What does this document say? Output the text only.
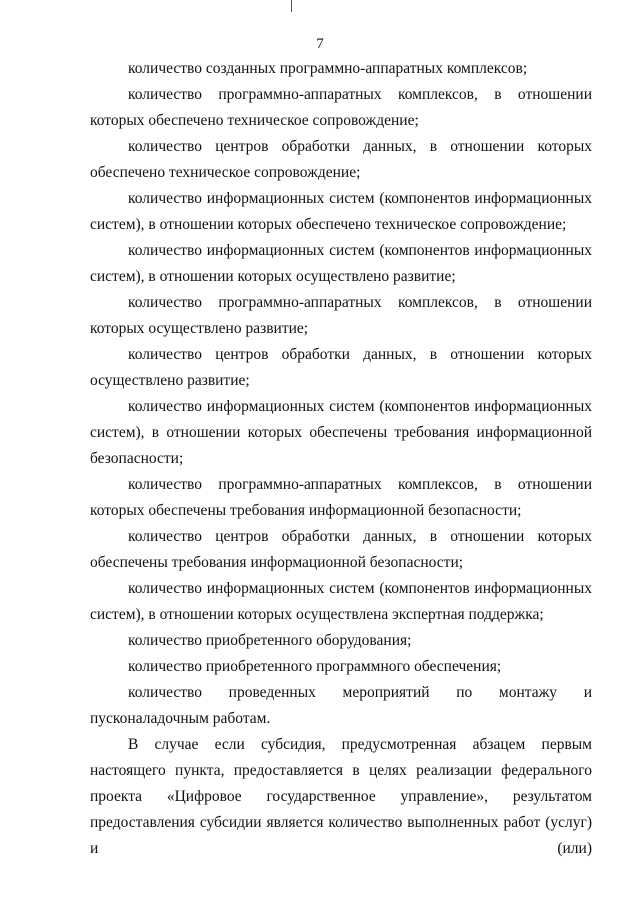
7

количество созданных программно-аппаратных комплексов;

количество программно-аппаратных комплексов, в отношении которых обеспечено техническое сопровождение;

количество центров обработки данных, в отношении которых обеспечено техническое сопровождение;

количество информационных систем (компонентов информационных систем), в отношении которых обеспечено техническое сопровождение;

количество информационных систем (компонентов информационных систем), в отношении которых осуществлено развитие;

количество программно-аппаратных комплексов, в отношении которых осуществлено развитие;

количество центров обработки данных, в отношении которых осуществлено развитие;

количество информационных систем (компонентов информационных систем), в отношении которых обеспечены требования информационной безопасности;

количество программно-аппаратных комплексов, в отношении которых обеспечены требования информационной безопасности;

количество центров обработки данных, в отношении которых обеспечены требования информационной безопасности;

количество информационных систем (компонентов информационных систем), в отношении которых осуществлена экспертная поддержка;

количество приобретенного оборудования;

количество приобретенного программного обеспечения;

количество проведенных мероприятий по монтажу и пусконаладочным работам.

В случае если субсидия, предусмотренная абзацем первым настоящего пункта, предоставляется в целях реализации федерального проекта «Цифровое государственное управление», результатом предоставления субсидии является количество выполненных работ (услуг) и (или)
